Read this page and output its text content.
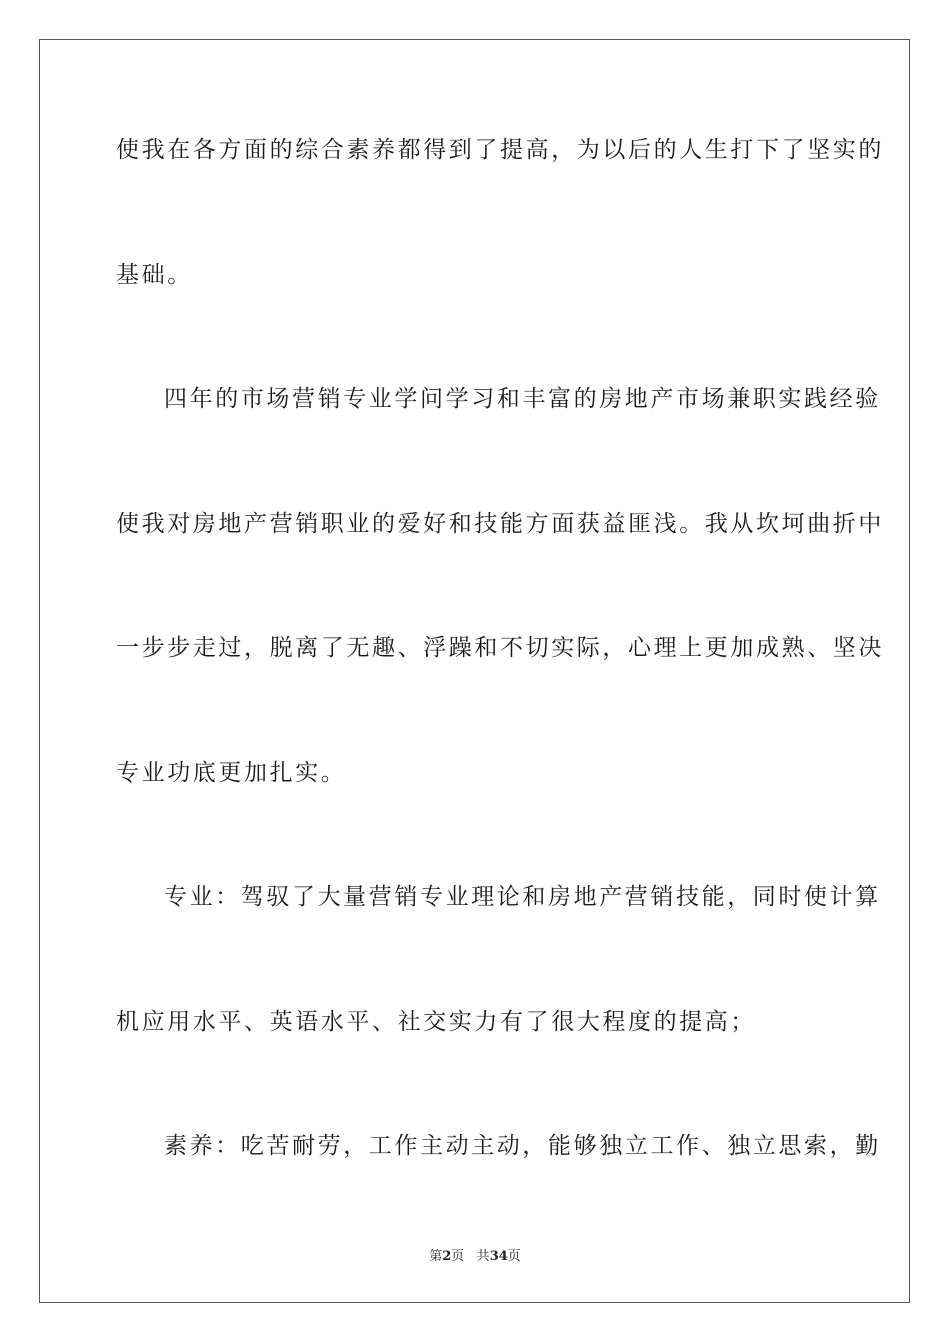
使我在各方面的综合素养都得到了提高，为以后的人生打下了坚实的
基础。
四年的市场营销专业学问学习和丰富的房地产市场兼职实践经验
使我对房地产营销职业的爱好和技能方面获益匪浅。我从坎坷曲折中
一步步走过，脱离了无趣、浮躁和不切实际，心理上更加成熟、坚决
专业功底更加扎实。
专业：驾驭了大量营销专业理论和房地产营销技能，同时使计算
机应用水平、英语水平、社交实力有了很大程度的提高；
素养：吃苦耐劳，工作主动主动，能够独立工作、独立思索，勤
第2页 共34页
